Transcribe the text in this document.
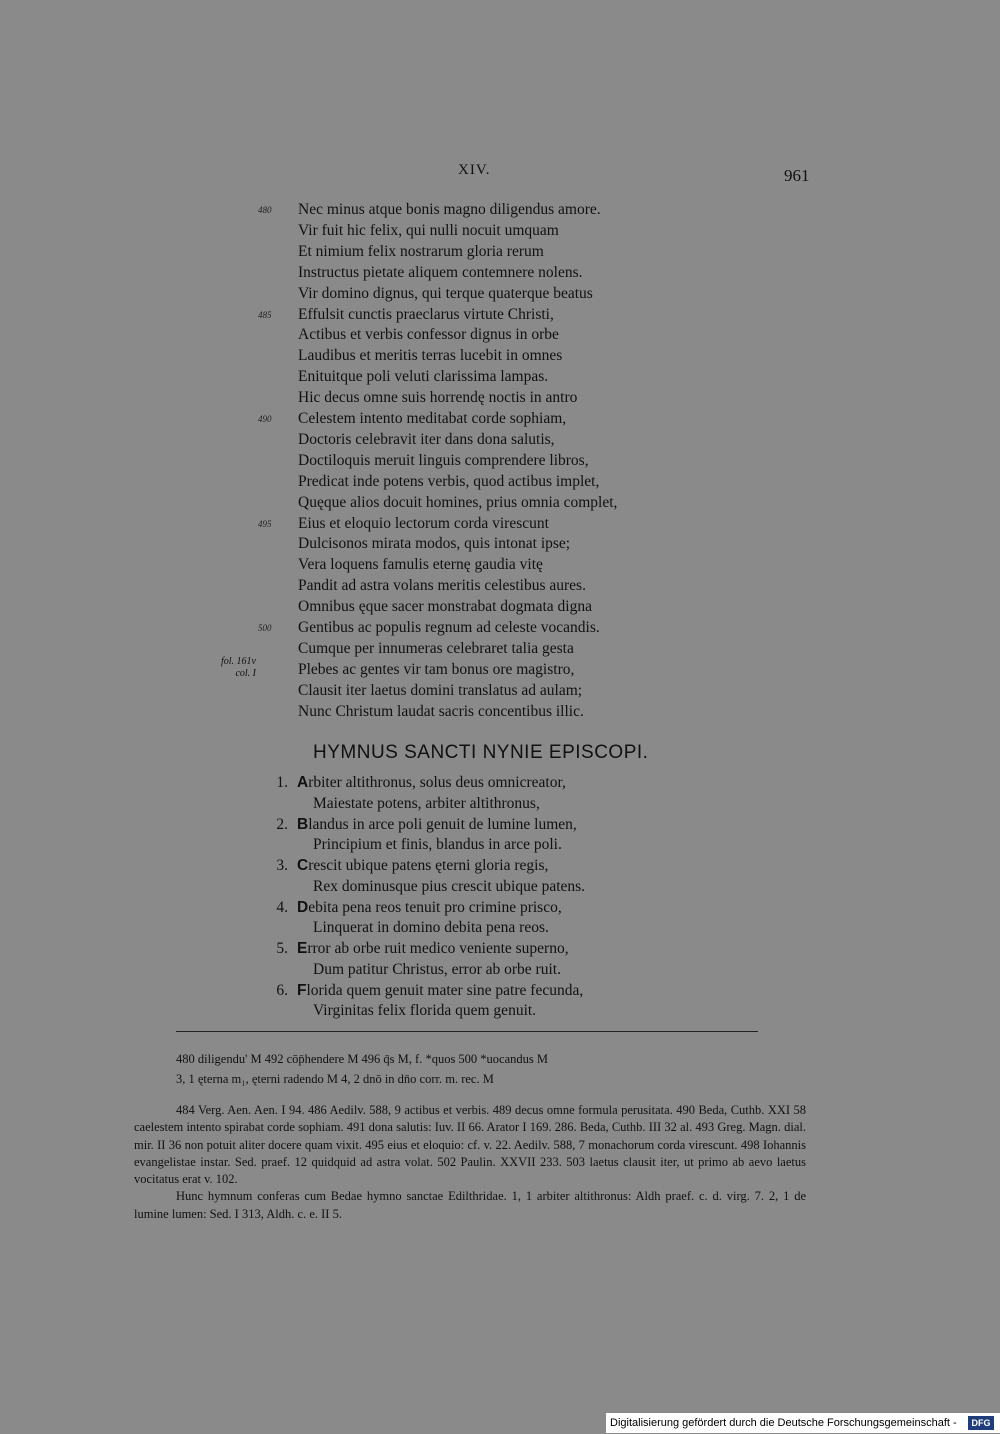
XIV.	961
Nec minus atque bonis magno diligendus amore.
480
Vir fuit hic felix, qui nulli nocuit umquam
Et nimium felix nostrarum gloria rerum
Instructus pietate aliquem contemnere nolens.
Vir domino dignus, qui terque quaterque beatus
Effulsit cunctis praeclarus virtute Christi,
485
Actibus et verbis confessor dignus in orbe
Laudibus et meritis terras lucebit in omnes
Enituitque poli veluti clarissima lampas.
Hic decus omne suis horrendę noctis in antro
Celestem intento meditabat corde sophiam,
490
Doctoris celebravit iter dans dona salutis,
Doctiloquis meruit linguis comprendere libros,
Predicat inde potens verbis, quod actibus implet,
Quęque alios docuit homines, prius omnia complet,
Eius et eloquio lectorum corda virescunt
495
Dulcisonos mirata modos, quis intonat ipse;
Vera loquens famulis eternę gaudia vitę
Pandit ad astra volans meritis celestibus aures.
Omnibus ęque sacer monstrabat dogmata digna
Gentibus ac populis regnum ad celeste vocandis.
500
Cumque per innumeras celebraret talia gesta
Plebes ac gentes vir tam bonus ore magistro,
Clausit iter laetus domini translatus ad aulam;
Nunc Christum laudat sacris concentibus illic.
fol. 161v
col. I
HYMNUS SANCTI NYNIE EPISCOPI.
1. Arbiter altithronus, solus deus omnicreator,
Maiestate potens, arbiter altithronus,
2. Blandus in arce poli genuit de lumine lumen,
Principium et finis, blandus in arce poli.
3. Crescit ubique patens ęterni gloria regis,
Rex dominusque pius crescit ubique patens.
4. Debita pena reos tenuit pro crimine prisco,
Linquerat in domino debita pena reos.
5. Error ab orbe ruit medico veniente superno,
Dum patitur Christus, error ab orbe ruit.
6. Florida quem genuit mater sine patre fecunda,
Virginitas felix florida quem genuit.
480 diligendu' M 492 cōp̄hendere M 496 q̄s M, f. *quos 500 *uocandus M
3, 1 ęterna m₁, ęterni radendo M 4, 2 dnō in dn̄o corr. m. rec. M

484 Verg. Aen. Aen. I 94. 486 Aedilv. 588, 9 actibus et verbis. 489 decus omne formula perusitata. 490 Beda, Cuthb. XXI 58 caelestem intento spirabat corde sophiam. 491 dona salutis: Iuv. II 66. Arator I 169. 286. Beda, Cuthb. III 32 al. 493 Greg. Magn. dial. mir. II 36 non potuit aliter docere quam vixit. 495 eius et eloquio: cf. v. 22. Aedilv. 588, 7 monachorum corda virescunt. 498 Iohannis evangelistae instar. Sed. praef. 12 quidquid ad astra volat. 502 Paulin. XXVII 233. 503 laetus clausit iter, ut primo ab aevo laetus vocitatus erat v. 102.

Hunc hymnum conferas cum Bedae hymno sanctae Edilthridae. 1, 1 arbiter altithronus: Aldh praef. c. d. virg. 7. 2, 1 de lumine lumen: Sed. I 313, Aldh. c. e. II 5.

Digitalisierung gefördert durch die Deutsche Forschungsgemeinschaft -	DFG
